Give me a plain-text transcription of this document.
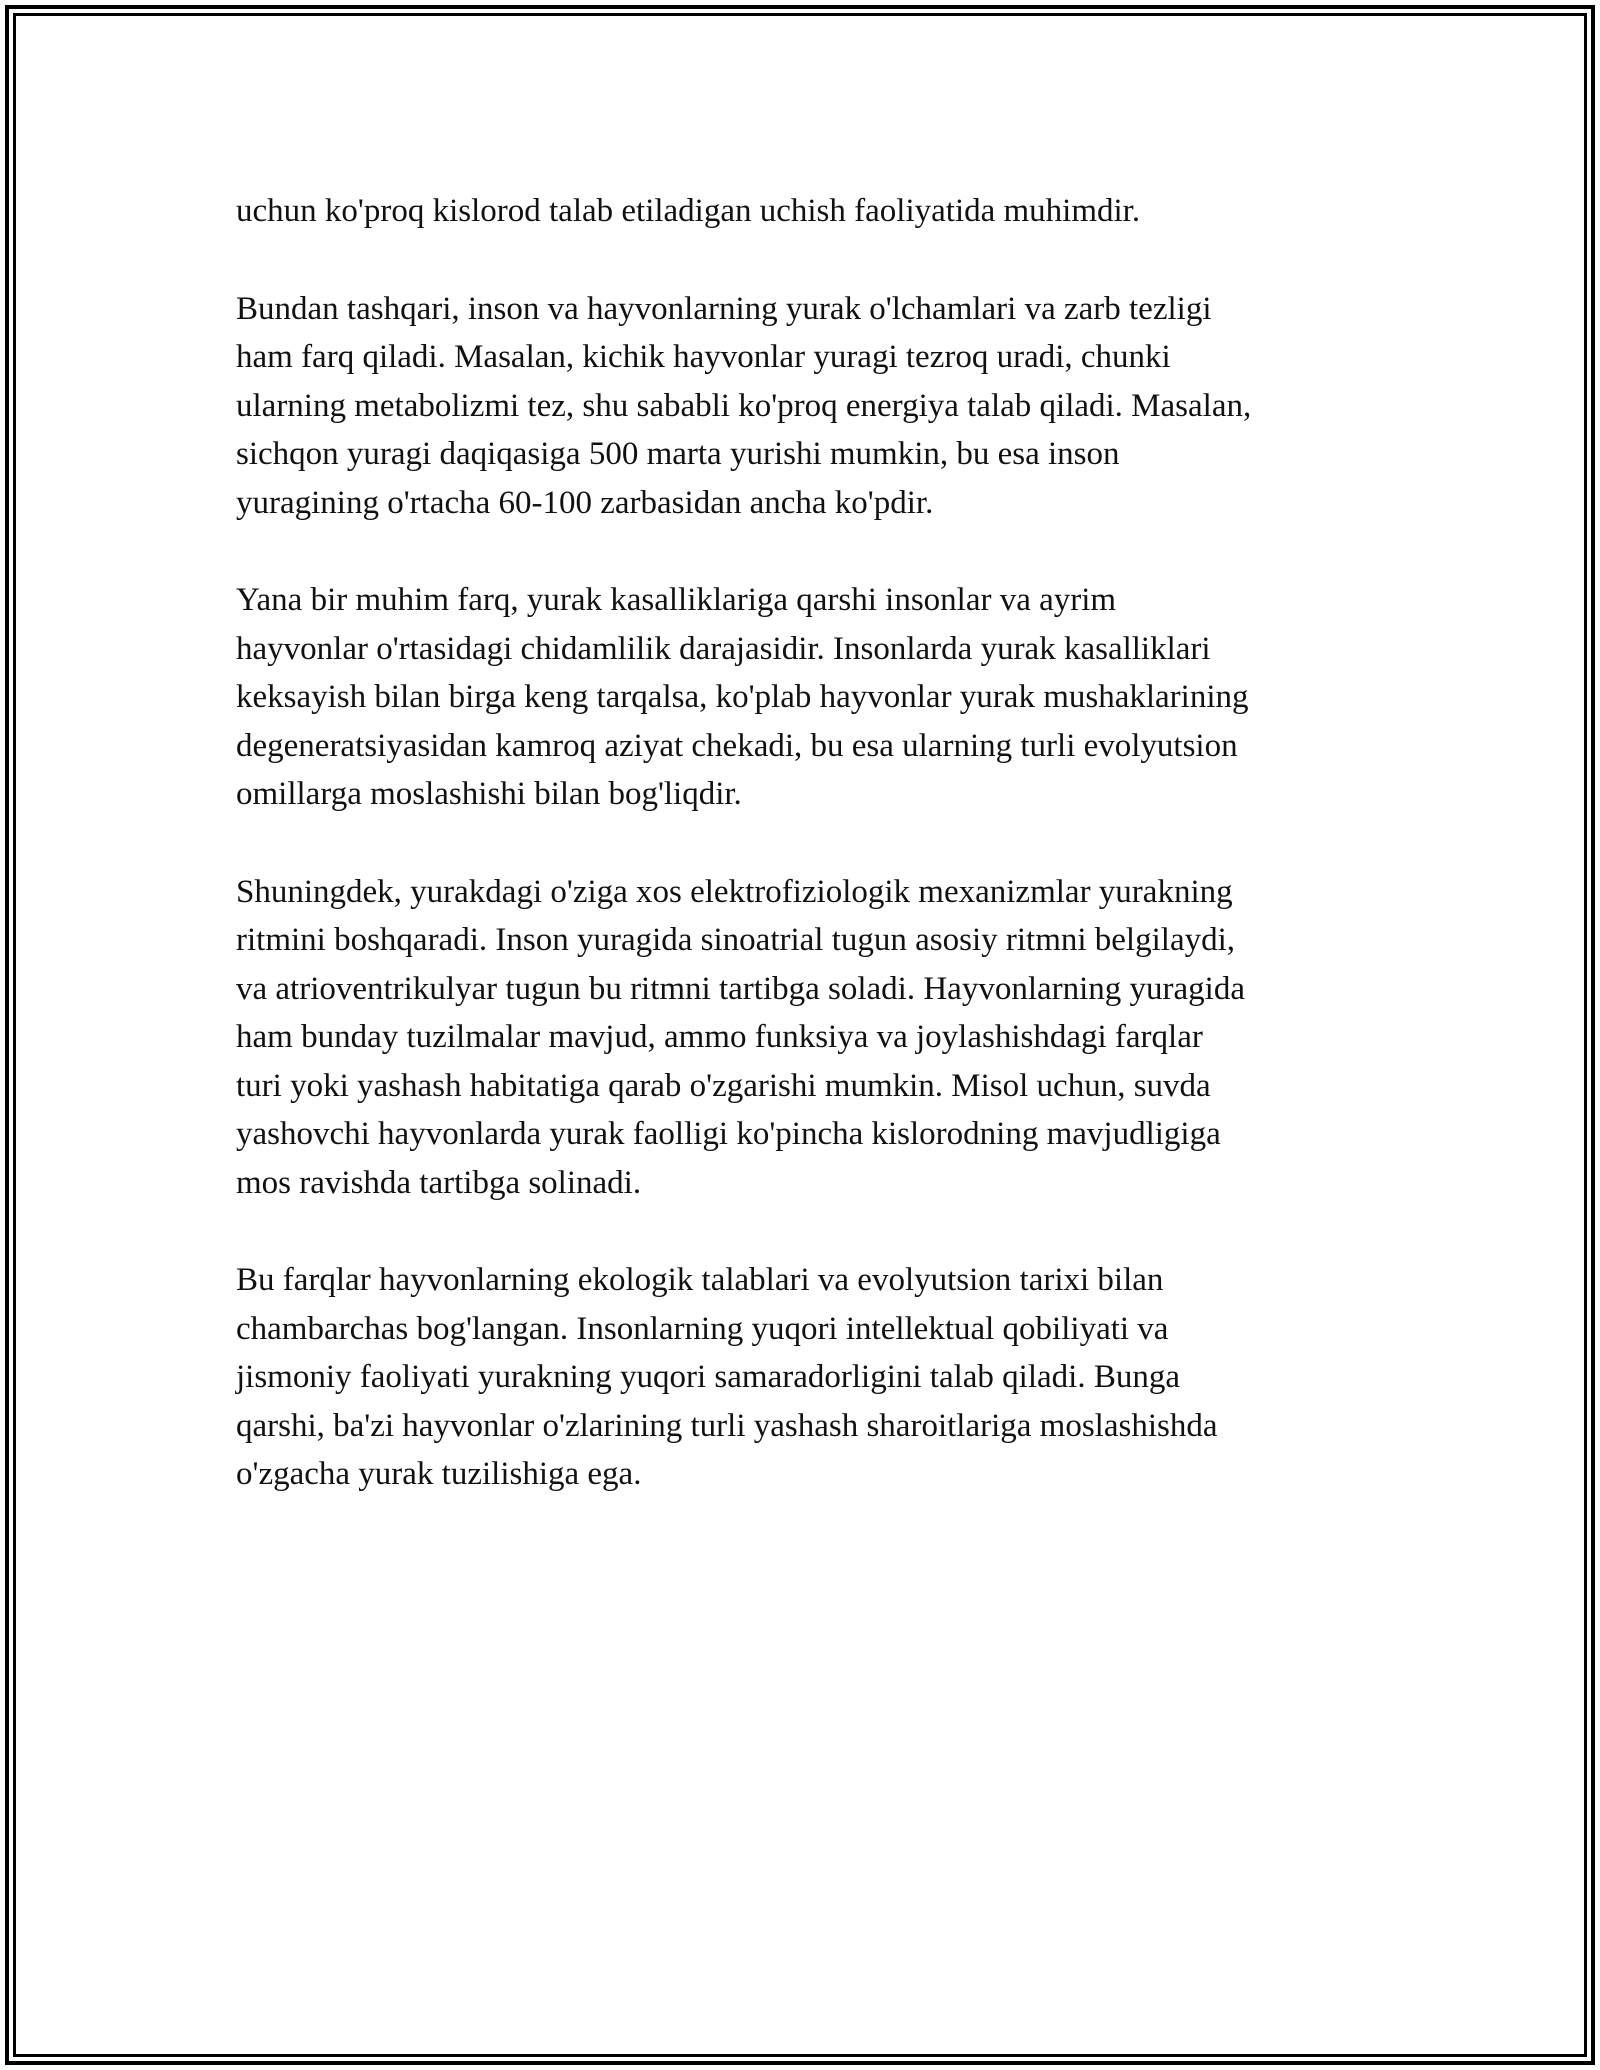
uchun ko'proq kislorod talab etiladigan uchish faoliyatida muhimdir.

Bundan tashqari, inson va hayvonlarning yurak o'lchamlari va zarb tezligi
ham farq qiladi. Masalan, kichik hayvonlar yuragi tezroq uradi, chunki
ularning metabolizmi tez, shu sababli ko'proq energiya talab qiladi. Masalan,
sichqon yuragi daqiqasiga 500 marta yurishi mumkin, bu esa inson
yuragining o'rtacha 60-100 zarbasidan ancha ko'pdir.

Yana bir muhim farq, yurak kasalliklariga qarshi insonlar va ayrim
hayvonlar o'rtasidagi chidamlilik darajasidir. Insonlarda yurak kasalliklari
keksayish bilan birga keng tarqalsa, ko'plab hayvonlar yurak mushaklarining
degeneratsiyasidan kamroq aziyat chekadi, bu esa ularning turli evolyutsion
omillarga moslashishi bilan bog'liqdir.

Shuningdek, yurakdagi o'ziga xos elektrofiziologik mexanizmlar yurakning
ritmini boshqaradi. Inson yuragida sinoatrial tugun asosiy ritmni belgilaydi,
va atrioventrikulyar tugun bu ritmni tartibga soladi. Hayvonlarning yuragida
ham bunday tuzilmalar mavjud, ammo funksiya va joylashishdagi farqlar
turi yoki yashash habitatiga qarab o'zgarishi mumkin. Misol uchun, suvda
yashovchi hayvonlarda yurak faolligi ko'pincha kislorodning mavjudligiga
mos ravishda tartibga solinadi.

Bu farqlar hayvonlarning ekologik talablari va evolyutsion tarixi bilan
chambarchas bog'langan. Insonlarning yuqori intellektual qobiliyati va
jismoniy faoliyati yurakning yuqori samaradorligini talab qiladi. Bunga
qarshi, ba'zi hayvonlar o'zlarining turli yashash sharoitlariga moslashishda
o'zgacha yurak tuzilishiga ega.
